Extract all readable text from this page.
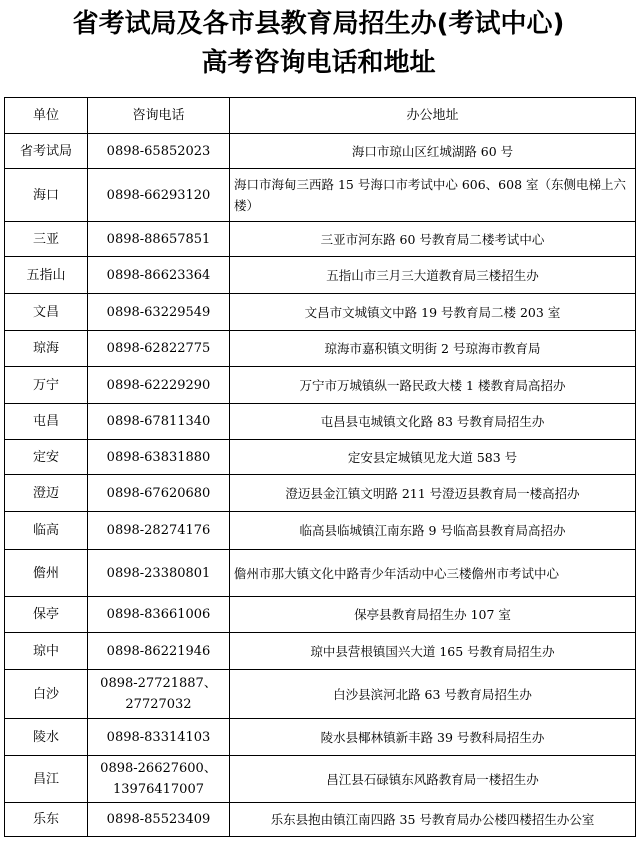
省考试局及各市县教育局招生办(考试中心)
高考咨询电话和地址
单位	咨询电话	办公地址
省考试局	0898-65852023	海口市琼山区红城湖路 60 号
海口	0898-66293120	海口市海甸三西路 15 号海口市考试中心 606、608 室（东侧电梯上六楼）
三亚	0898-88657851	三亚市河东路 60 号教育局二楼考试中心
五指山	0898-86623364	五指山市三月三大道教育局三楼招生办
文昌	0898-63229549	文昌市文城镇文中路 19 号教育局二楼 203 室
琼海	0898-62822775	琼海市嘉积镇文明街 2 号琼海市教育局
万宁	0898-62229290	万宁市万城镇纵一路民政大楼 1 楼教育局高招办
屯昌	0898-67811340	屯昌县屯城镇文化路 83 号教育局招生办
定安	0898-63831880	定安县定城镇见龙大道 583 号
澄迈	0898-67620680	澄迈县金江镇文明路 211 号澄迈县教育局一楼高招办
临高	0898-28274176	临高县临城镇江南东路 9 号临高县教育局高招办
儋州	0898-23380801	儋州市那大镇文化中路青少年活动中心三楼儋州市考试中心
保亭	0898-83661006	保亭县教育局招生办 107 室
琼中	0898-86221946	琼中县营根镇国兴大道 165 号教育局招生办
白沙	0898-27721887、27727032	白沙县滨河北路 63 号教育局招生办
陵水	0898-83314103	陵水县椰林镇新丰路 39 号教科局招生办
昌江	0898-26627600、13976417007	昌江县石碌镇东风路教育局一楼招生办
乐东	0898-85523409	乐东县抱由镇江南四路 35 号教育局办公楼四楼招生办公室
